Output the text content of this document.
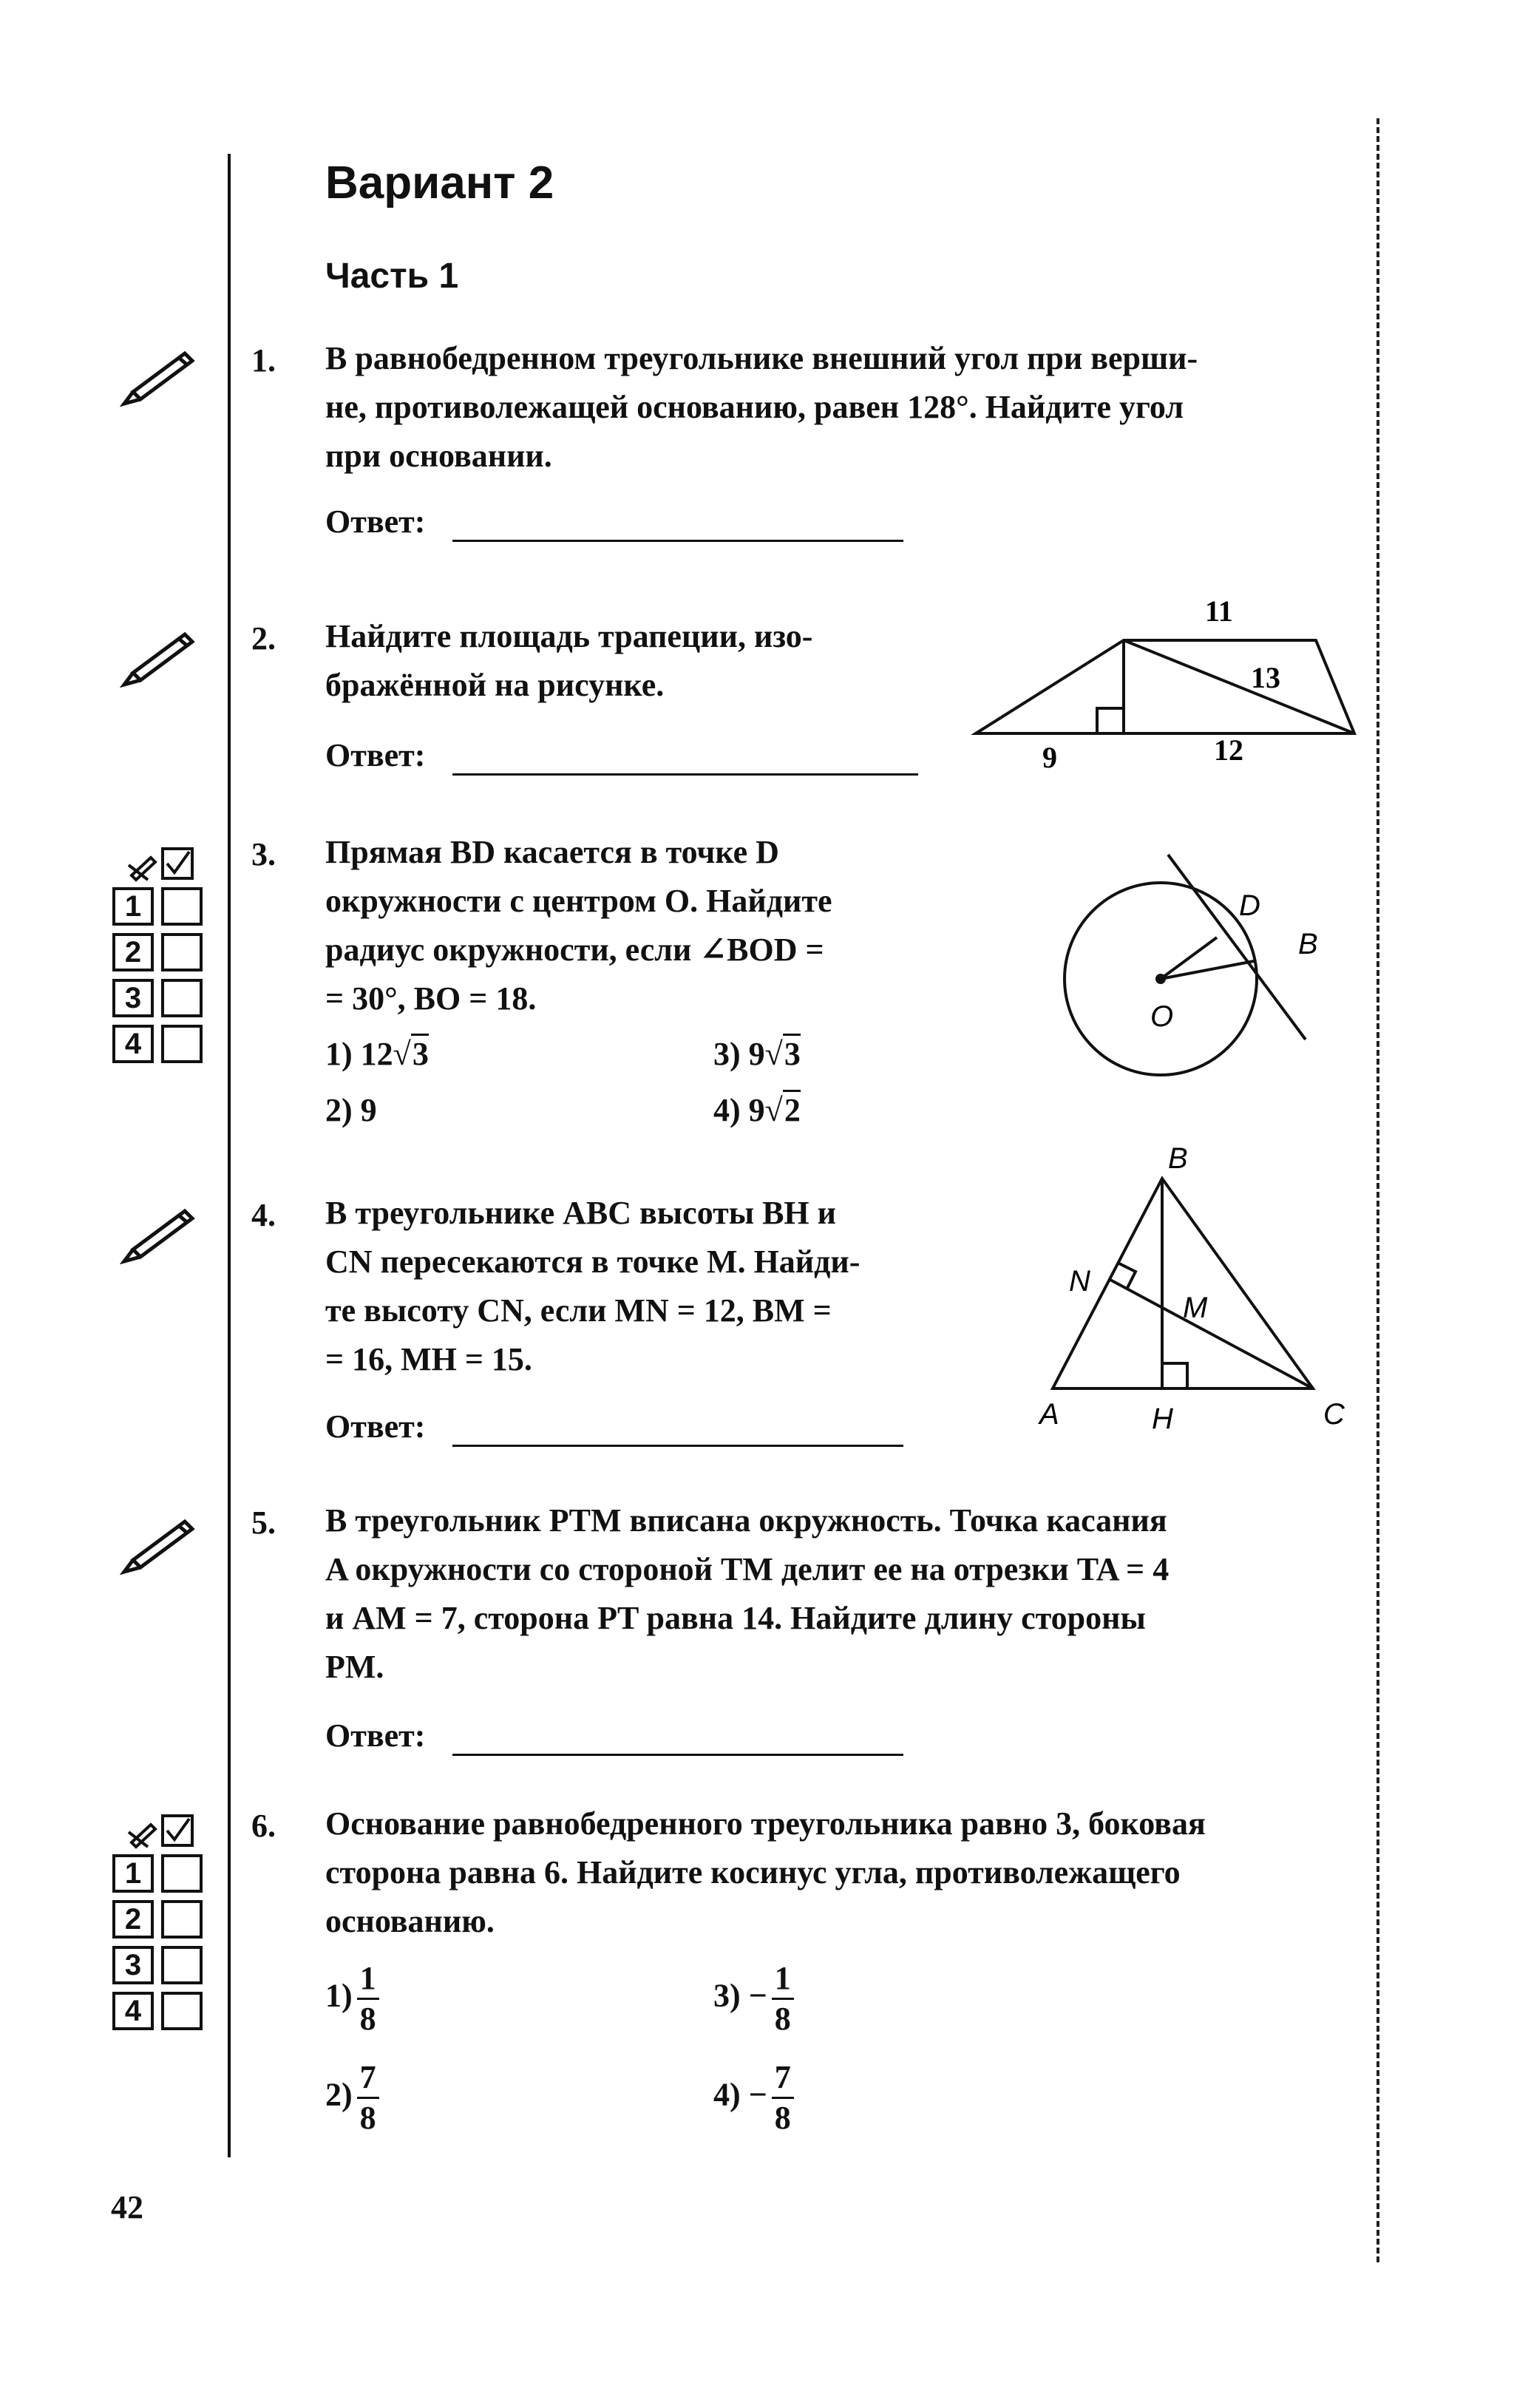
Вариант 2
Часть 1
1. В равнобедренном треугольнике внешний угол при верши-
не, противолежащей основанию, равен 128°. Найдите угол
при основании.
Ответ:
2. Найдите площадь трапеции, изо-
бражённой на рисунке.
Ответ:
11
13
9	12
1
2
3
4
3. Прямая BD касается в точке D
окружности с центром O. Найдите
радиус окружности, если ∠BOD =
= 30°, BO = 18.
1) 12√3	3) 9√3
2) 9	4) 9√2
D
B
O
4. В треугольнике ABC высоты BH и
CN пересекаются в точке M. Найди-
те высоту CN, если MN = 12, BM =
= 16, MH = 15.
Ответ:
B
N
M
A	H	C
5. В треугольник PTM вписана окружность. Точка касания
A окружности со стороной TM делит ее на отрезки TA = 4
и AM = 7, сторона PT равна 14. Найдите длину стороны
PM.
Ответ:
1
2
3
4
6. Основание равнобедренного треугольника равно 3, боковая
сторона равна 6. Найдите косинус угла, противолежащего
основанию.
$1) \frac{1}{8}$	$3) - \frac{1}{8}$
$2) \frac{7}{8}$	$4) - \frac{7}{8}$
42
